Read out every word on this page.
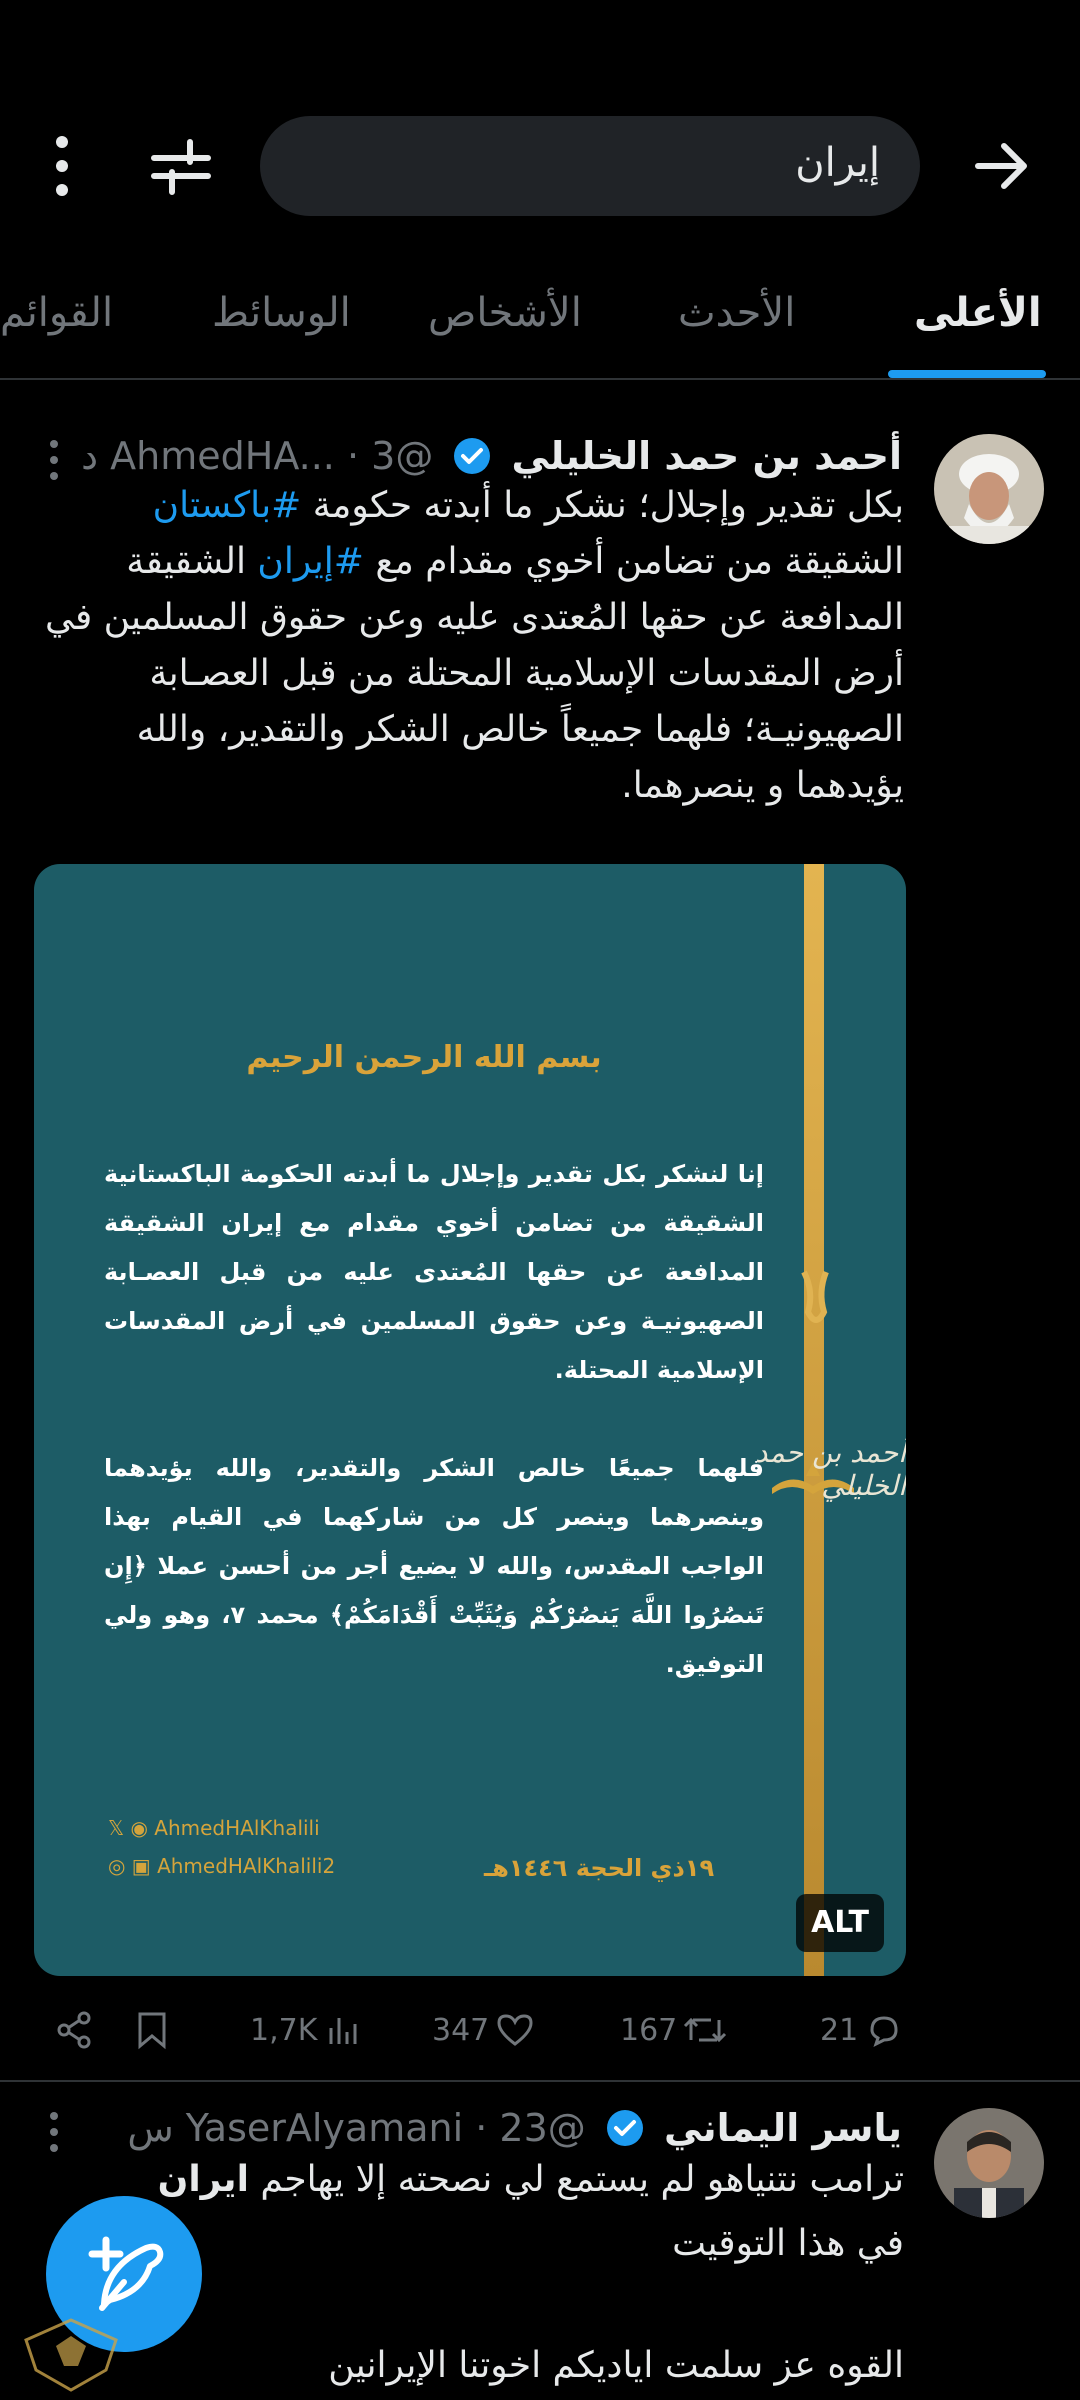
إيران
الأعلى
الأحدث
الأشخاص
الوسائط
القوائم
أحمد بن حمد الخليلي  @AhmedHA... · 3 د
بكل تقدير وإجلال؛ نشكر ما أبدته حكومة #باكستان الشقيقة من تضامن أخوي مقدام مع #إيران الشقيقة المدافعة عن حقها المُعتدى عليه وعن حقوق المسلمين في أرض المقدسات الإسلامية المحتلة من قبل العصـابة الصهيونيـة؛ فلهما جميعاً خالص الشكر والتقدير، والله يؤيدهما و ينصرهما.
بسم الله الرحمن الرحيم
إنا لنشكر بكل تقدير وإجلال ما أبدته الحكومة الباكستانية الشقيقة من تضامن أخوي مقدام مع إيران الشقيقة المدافعة عن حقها المُعتدى عليه من قبل العصـابة الصهيونيـة وعن حقوق المسلمين في أرض المقدسات الإسلامية المحتلة.
فلهما جميعًا خالص الشكر والتقدير، والله يؤيدهما وينصرهما وينصر كل من شاركهما في القيام بهذا الواجب المقدس، والله لا يضيع أجر من أحسن عملا ﴿إِن تَنصُرُوا اللَّهَ يَنصُرْكُمْ وَيُثَبِّتْ أَقْدَامَكُمْ﴾ محمد ٧، وهو ولي التوفيق.
أحمد بن حمد الخليلي
𝕏 ◉ AhmedHAlKhalili
◎ ▣ AhmedHAlKhalili2	١٩ذي الحجة ١٤٤٦هـ
ALT
21
167
347
1,7K
ياسر اليماني  @YaserAlyamani · 23 س
ترامب نتنياهو لم يستمع لي نصحته إلا يهاجم ايران
في هذا التوقيت
القوه عز سلمت اياديكم اخوتنا الإيرانين
